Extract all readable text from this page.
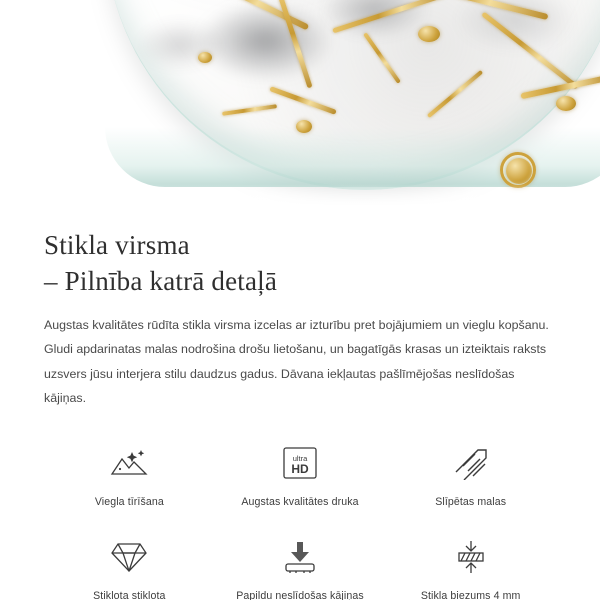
Stikla virsma
– Pilnība katrā detaļā

Augstas kvalitātes rūdīta stikla virsma izcelas ar izturību pret bojājumiem un vieglu kopšanu. Gludi apdarinatas malas nodrošina drošu lietošanu, un bagatīgās krasas un izteiktais raksts uzsvers jūsu interjera stilu daudzus gadus. Dāvana iekļautas pašlīmējošas neslīdošas kājiņas.

Viegla tīrīšana
ultra
HD
Augstas kvalitātes druka	Slīpētas malas
Stiklota stiklota	Papildu neslīdošas kājiņas	Stikla biezums 4 mm
